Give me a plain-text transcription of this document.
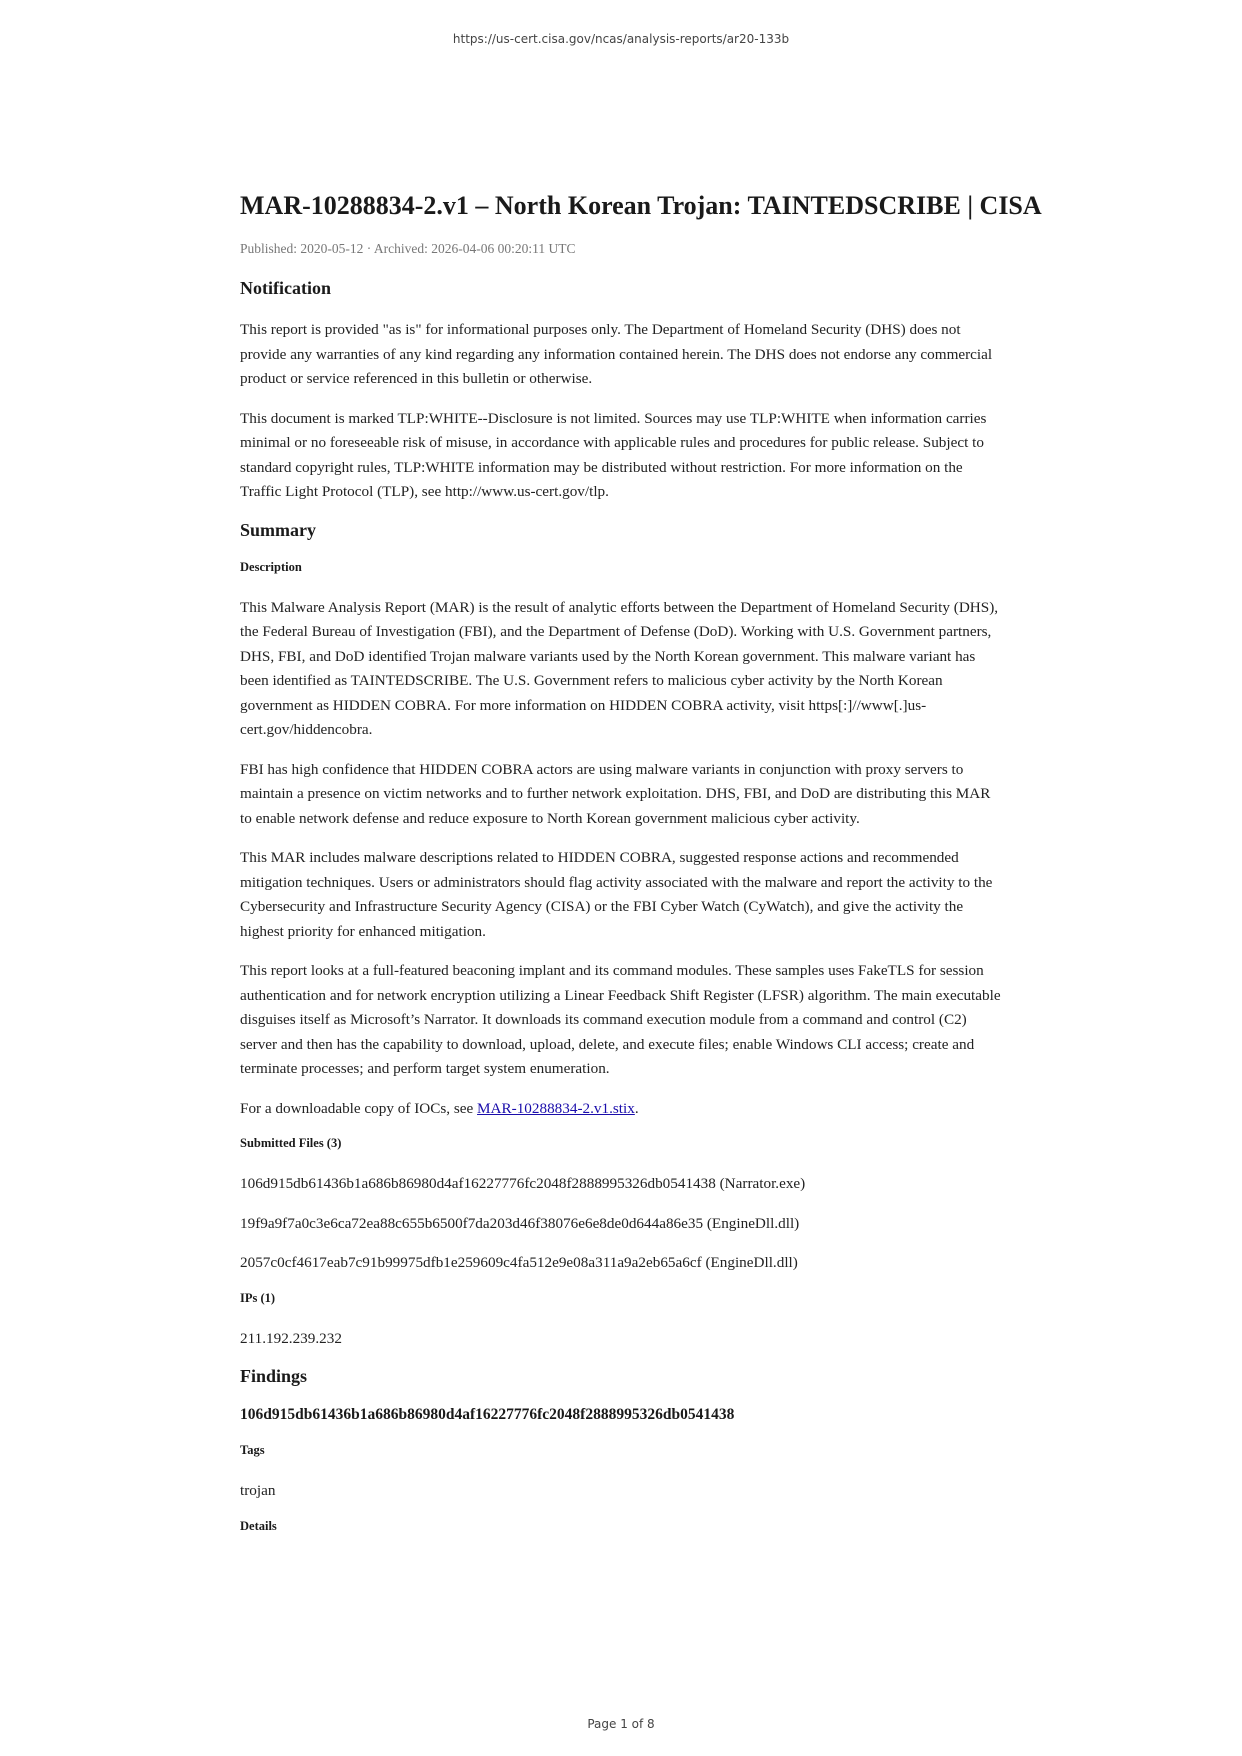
https://us-cert.cisa.gov/ncas/analysis-reports/ar20-133b
MAR-10288834-2.v1 – North Korean Trojan: TAINTEDSCRIBE | CISA
Published: 2020-05-12 · Archived: 2026-04-06 00:20:11 UTC
Notification

This report is provided "as is" for informational purposes only. The Department of Homeland Security (DHS) does not provide any warranties of any kind regarding any information contained herein. The DHS does not endorse any commercial product or service referenced in this bulletin or otherwise.

This document is marked TLP:WHITE--Disclosure is not limited. Sources may use TLP:WHITE when information carries minimal or no foreseeable risk of misuse, in accordance with applicable rules and procedures for public release. Subject to standard copyright rules, TLP:WHITE information may be distributed without restriction. For more information on the Traffic Light Protocol (TLP), see http://www.us-cert.gov/tlp.

Summary
Description

This Malware Analysis Report (MAR) is the result of analytic efforts between the Department of Homeland Security (DHS), the Federal Bureau of Investigation (FBI), and the Department of Defense (DoD). Working with U.S. Government partners, DHS, FBI, and DoD identified Trojan malware variants used by the North Korean government. This malware variant has been identified as TAINTEDSCRIBE. The U.S. Government refers to malicious cyber activity by the North Korean government as HIDDEN COBRA. For more information on HIDDEN COBRA activity, visit https[:]//www[.]us-cert.gov/hiddencobra.

FBI has high confidence that HIDDEN COBRA actors are using malware variants in conjunction with proxy servers to maintain a presence on victim networks and to further network exploitation. DHS, FBI, and DoD are distributing this MAR to enable network defense and reduce exposure to North Korean government malicious cyber activity.

This MAR includes malware descriptions related to HIDDEN COBRA, suggested response actions and recommended mitigation techniques. Users or administrators should flag activity associated with the malware and report the activity to the Cybersecurity and Infrastructure Security Agency (CISA) or the FBI Cyber Watch (CyWatch), and give the activity the highest priority for enhanced mitigation.

This report looks at a full-featured beaconing implant and its command modules. These samples uses FakeTLS for session authentication and for network encryption utilizing a Linear Feedback Shift Register (LFSR) algorithm. The main executable disguises itself as Microsoft’s Narrator. It downloads its command execution module from a command and control (C2) server and then has the capability to download, upload, delete, and execute files; enable Windows CLI access; create and terminate processes; and perform target system enumeration.

For a downloadable copy of IOCs, see MAR-10288834-2.v1.stix.

Submitted Files (3)

106d915db61436b1a686b86980d4af16227776fc2048f2888995326db0541438 (Narrator.exe)

19f9a9f7a0c3e6ca72ea88c655b6500f7da203d46f38076e6e8de0d644a86e35 (EngineDll.dll)

2057c0cf4617eab7c91b99975dfb1e259609c4fa512e9e08a311a9a2eb65a6cf (EngineDll.dll)

IPs (1)

211.192.239.232

Findings
106d915db61436b1a686b86980d4af16227776fc2048f2888995326db0541438
Tags

trojan

Details
Page 1 of 8
